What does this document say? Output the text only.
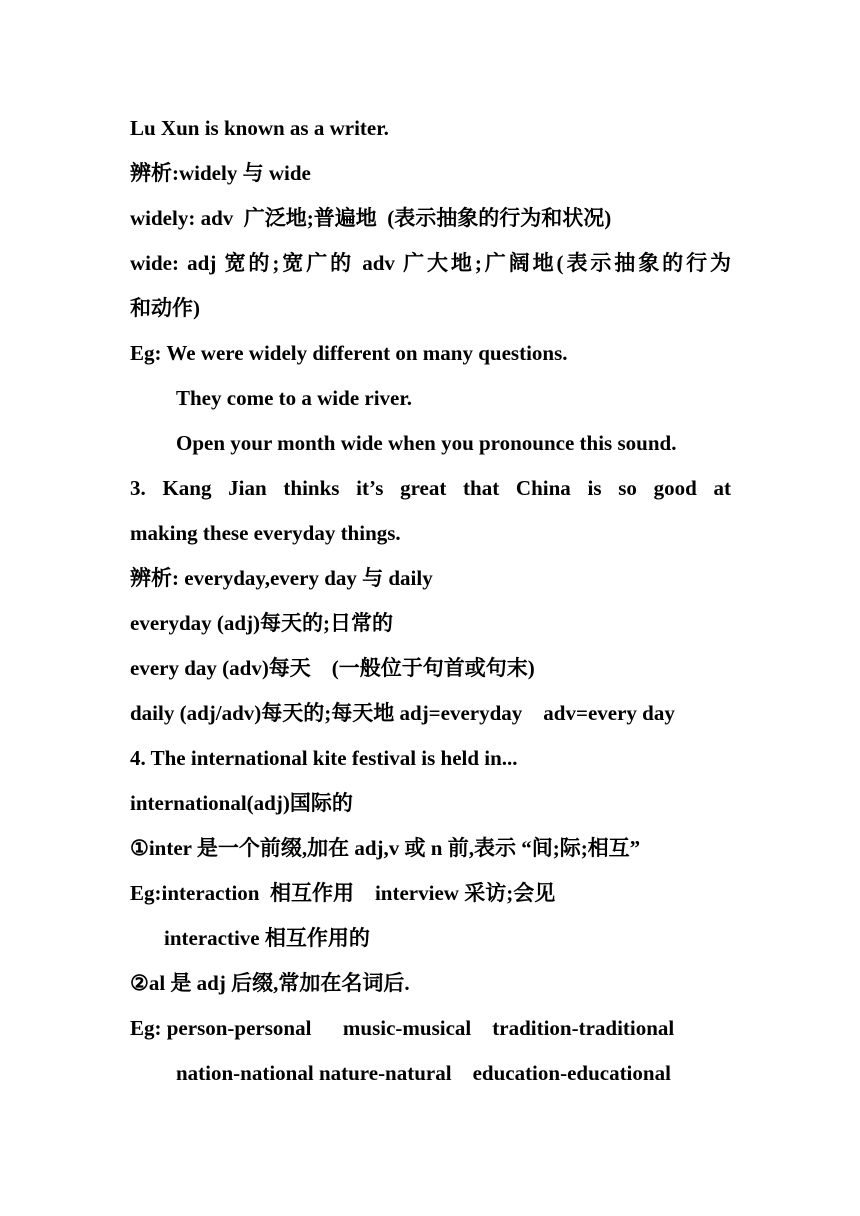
Lu Xun is known as a writer.
辨析:widely 与 wide
widely: adv  广泛地;普遍地  (表示抽象的行为和状况)
wide: adj 宽的;宽广的 adv 广大地;广阔地(表示抽象的行为
和动作)
Eg: We were widely different on many questions.
They come to a wide river.
Open your month wide when you pronounce this sound.
3. Kang Jian thinks it’s great that China is so good at
making these everyday things.
辨析: everyday,every day 与 daily
everyday (adj)每天的;日常的
every day (adv)每天    (一般位于句首或句末)
daily (adj/adv)每天的;每天地 adj=everyday    adv=every day
4. The international kite festival is held in...
international(adj)国际的
①inter 是一个前缀,加在 adj,v 或 n 前,表示 “间;际;相互”
Eg:interaction  相互作用    interview 采访;会见
interactive 相互作用的
②al 是 adj 后缀,常加在名词后.
Eg: person-personal      music-musical    tradition-traditional
nation-national nature-natural    education-educational
